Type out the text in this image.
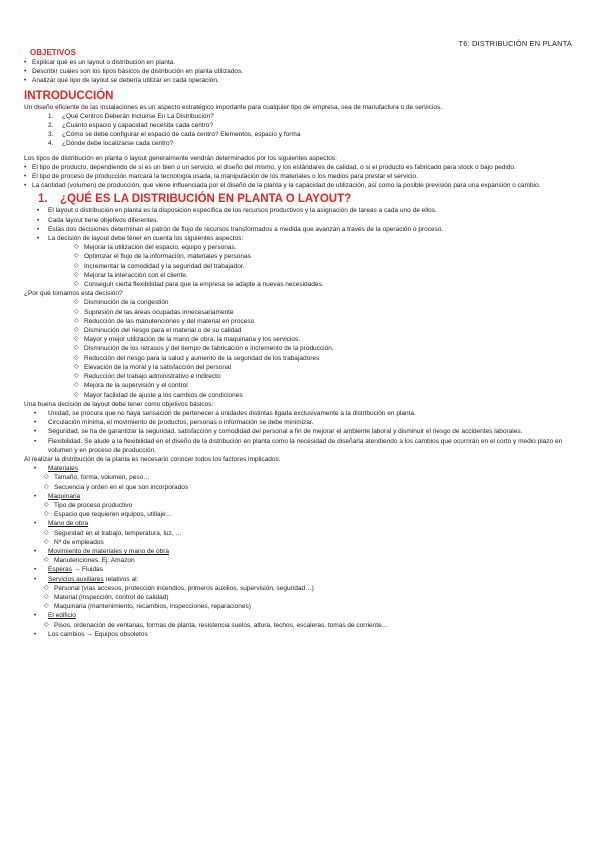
T6: DISTRIBUCIÓN EN PLANTA
OBJETIVOS
• Explicar qué es un layout o distribución en planta.
• Describir cuáles son los tipos básicos de distribución en planta utilizados.
• Analizar qué tipo de layout se debería utilizar en cada operación.
INTRODUCCIÓN
Un diseño eficiente de las instalaciones es un aspecto estratégico importante para cualquier tipo de empresa, sea de manufactura o de servicios.
1. ¿Qué Centros Deberán Incluirse En La Distribución?
2. ¿Cuánto espacio y capacidad necesita cada centro?
3. ¿Cómo se debe configurar el espacio de cada centro? Elementos, espacio y forma
4. ¿Dónde debe localizarse cada centro?
Los tipos de distribución en planta o layout generalmente vendrán determinados por los siguientes aspectos:
• El tipo de producto, dependiendo de si es un bien o un servicio, el diseño del mismo, y los estándares de calidad, o si el producto es fabricado para stock o bajo pedido.
• El tipo de proceso de producción marcará la tecnología usada, la manipulación de los materiales o los medios para prestar el servicio.
• La cantidad (volumen) de producción, que viene influenciada por el diseño de la planta y la capacidad de utilización, así como la posible previsión para una expansión o cambio.
1. ¿QUÉ ES LA DISTRIBUCIÓN EN PLANTA O LAYOUT?
• El layout o distribución en planta es la disposición específica de los recursos productivos y la asignación de tareas a cada uno de ellos.
• Cada layout tiene objetivos diferentes.
• Estas dos decisiones determinan el patrón de flujo de recursos transformados a medida que avanzan a través de la operación o proceso.
• La decisión de layout debe tener en cuenta los siguientes aspectos:
◇ Mejorar la utilización del espacio, equipo y personas.
◇ Optimizar el flujo de la información, materiales y personas
◇ Incrementar la comodidad y la seguridad del trabajador.
◇ Mejorar la interacción con el cliente.
◇ Conseguir cierta flexibilidad para que la empresa se adapte a nuevas necesidades.
¿Por qué tomamos esta decisión?
◇ Disminución de la congestión
◇ Supresión de las áreas ocupadas innecesariamente
◇ Reducción de las manutenciones y del material en proceso
◇ Disminución del riesgo para el material o de su calidad
◇ Mayor y mejor utilización de la mano de obra, la maquinaria y los servicios.
◇ Disminución de los retrasos y del tiempo de fabricación e incremento de la producción.
◇ Reducción del riesgo para la salud y aumento de la seguridad de los trabajadores
◇ Elevación de la moral y la satisfacción del personal
◇ Reducción del trabajo administrativo e indirecto
◇ Mejora de la supervisión y el control
◇ Mayor facilidad de ajuste a los cambios de condiciones
Una buena decisión de layout debe tener como objetivos básicos:
• Unidad, se procura que no haya sensación de pertenecer a unidades distintas ligada exclusivamente a la distribución en planta.
• Circulación mínima, el movimiento de productos, personas o información se debe minimizar.
• Seguridad, se ha de garantizar la seguridad, satisfacción y comodidad del personal a fin de mejorar el ambiente laboral y disminuir el riesgo de accidentes laborales.
• Flexibilidad. Se alude a la flexibilidad en el diseño de la distribución en planta como la necesidad de diseñarla atendiendo a los cambios que ocurrirán en el corto y medio plazo en volumen y en proceso de producción.
Al realizar la distribución de la planta es necesario conocer todos los factores implicados:
• Materiales
◇ Tamaño, forma, volumen, peso…
◇ Secuencia y orden en el que son incorporados
• Maquinaria
◇ Tipo de proceso productivo
◇ Espacio que requieren equipos, utillaje…
• Mano de obra
◇ Seguridad en el trabajo, temperatura, luz, …
◇ Nº de empleados
• Movimiento de materiales y mano de obra
◇ Manutenciones. Ej: Amazon
• Esperas → Fluidas
• Servicios auxiliares relativos al:
◇ Personal (vías accesos, protección incendios, primeros auxilios, supervisión, seguridad…)
◇ Material (inspección, control de calidad)
◇ Maquinaria (mantenimiento, recambios, inspecciones, reparaciones)
• El edificio
◇ Pisos, ordenación de ventanas, formas de planta, resistencia suelos, altura, techos, escaleras, tomas de corriente…
• Los cambios → Equipos obsoletos
